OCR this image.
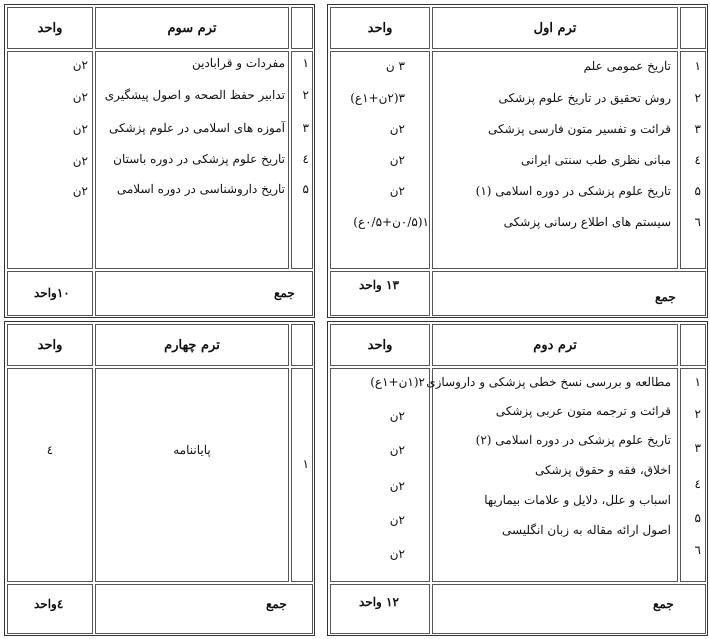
ترم اول
واحد
۱
۲
۳
٤
۵
٦
تاریخ عمومی علم
روش تحقیق در تاریخ علوم پزشکی
قرائت و تفسیر متون فارسی پزشکی
مبانی نظری طب سنتی ایرانی
تاریخ علوم پزشکی در دوره اسلامی (۱)
سیستم های اطلاع رسانی پزشکی
۳ ن
۳(۲ن+۱ع)
۲ن
۲ن
۲ن
۱(۰/۵ن+۰/۵ع)
جمع
۱۳ واحد
ترم سوم
واحد
۱
۲
۳
٤
۵
مفردات و قرابادین
تدابیر حفظ الصحه و اصول پیشگیری
آموزه های اسلامی در علوم پزشکی
تاریخ علوم پزشکی در دوره باستان
تاریخ داروشناسی در دوره اسلامی
۲ن
۲ن
۲ن
۲ن
۲ن
جمع
۱۰واحد
ترم دوم
واحد
۱
۲
۳
٤
۵
٦
مطالعه و بررسی نسخ خطی پزشکی و داروسازی
قرائت و ترجمه متون عربی پزشکی
تاریخ علوم پزشکی در دوره اسلامی (۲)
اخلاق، فقه و حقوق پزشکی
اسباب و علل، دلایل و علامات بیماریها
اصول ارائه مقاله به زبان انگلیسی
۲(۱ن+۱ع)
۲ن
۲ن
۲ن
۲ن
۲ن
جمع
۱۲ واحد
ترم چهارم
واحد
۱
پایاننامه
٤
جمع
٤واحد
